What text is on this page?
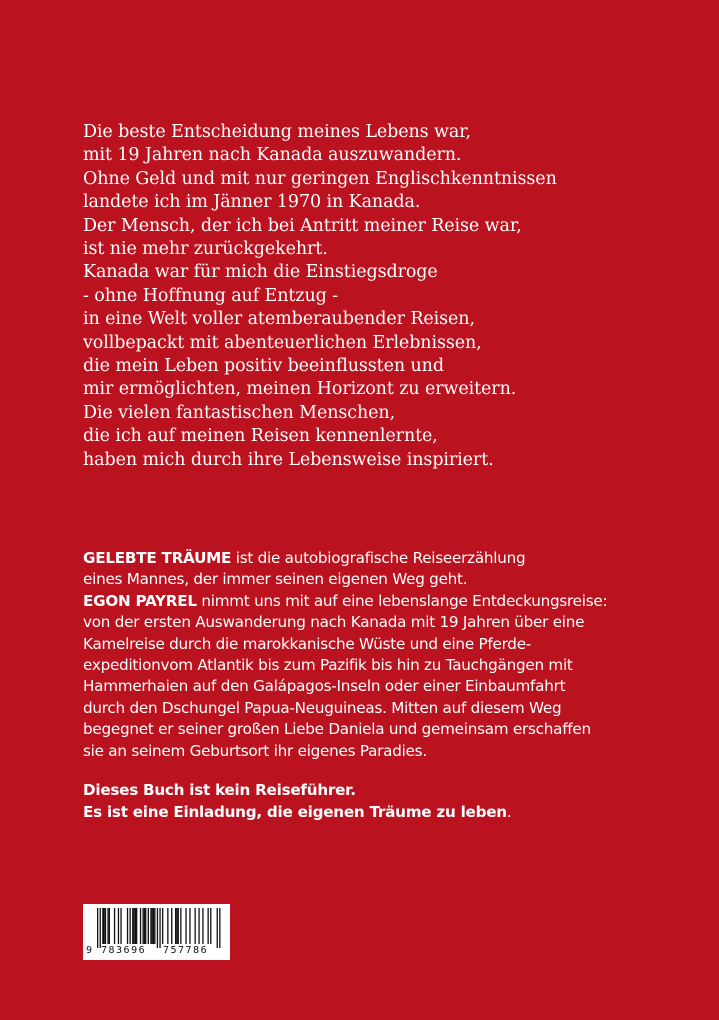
Die beste Entscheidung meines Lebens war,
mit 19 Jahren nach Kanada auszuwandern.
Ohne Geld und mit nur geringen Englischkenntnissen
landete ich im Jänner 1970 in Kanada.
Der Mensch, der ich bei Antritt meiner Reise war,
ist nie mehr zurückgekehrt.
Kanada war für mich die Einstiegsdroge
- ohne Hoffnung auf Entzug -
in eine Welt voller atemberaubender Reisen,
vollbepackt mit abenteuerlichen Erlebnissen,
die mein Leben positiv beeinflussten und
mir ermöglichten, meinen Horizont zu erweitern.
Die vielen fantastischen Menschen,
die ich auf meinen Reisen kennenlernte,
haben mich durch ihre Lebensweise inspiriert.
GELEBTE TRÄUME ist die autobiografische Reiseerzählung
eines Mannes, der immer seinen eigenen Weg geht.
EGON PAYREL nimmt uns mit auf eine lebenslange Entdeckungsreise:
von der ersten Auswanderung nach Kanada mit 19 Jahren über eine
Kamelreise durch die marokkanische Wüste und eine Pferde-
expeditionvom Atlantik bis zum Pazifik bis hin zu Tauchgängen mit
Hammerhaien auf den Galápagos-Inseln oder einer Einbaumfahrt
durch den Dschungel Papua-Neuguineas. Mitten auf diesem Weg
begegnet er seiner großen Liebe Daniela und gemeinsam erschaffen
sie an seinem Geburtsort ihr eigenes Paradies.
Dieses Buch ist kein Reiseführer.
Es ist eine Einladung, die eigenen Träume zu leben.
9 783696 757786
